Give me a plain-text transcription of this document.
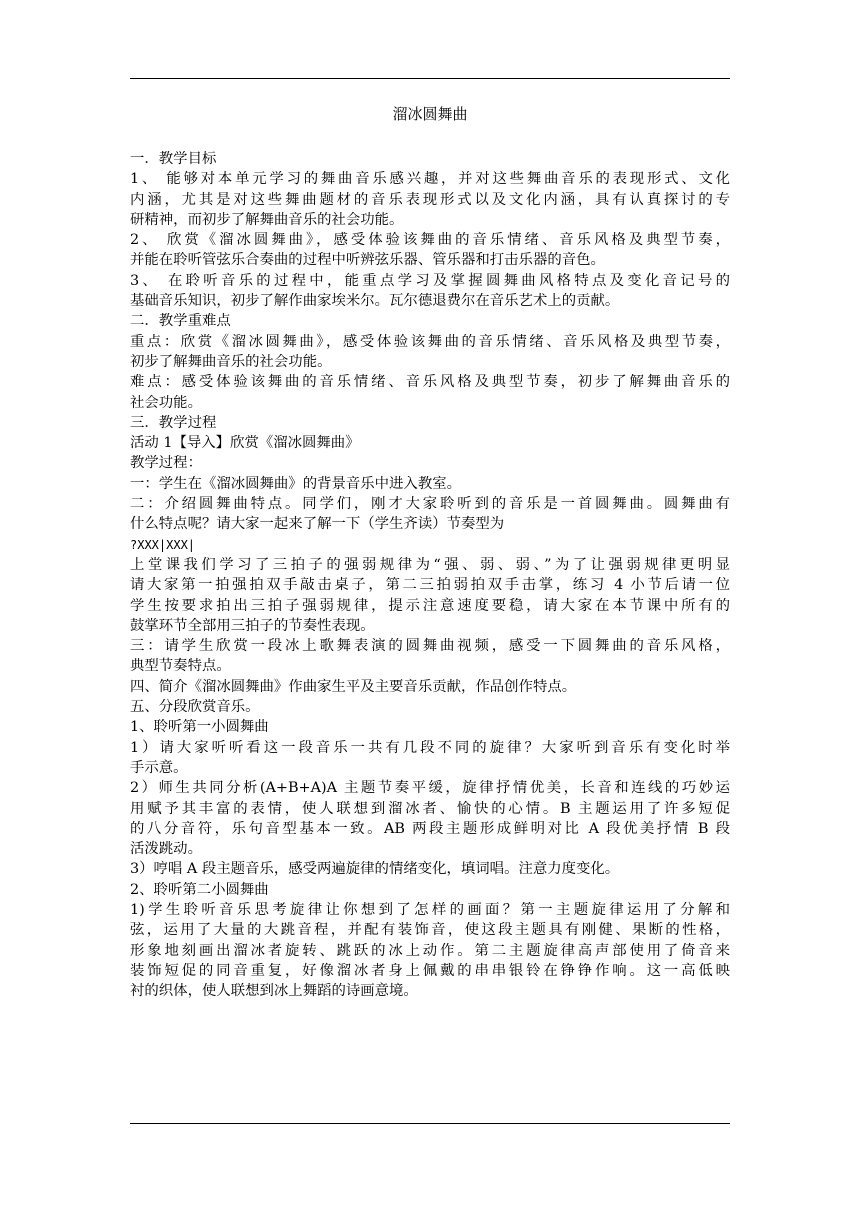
溜冰圆舞曲
一．教学目标
1、 能够对本单元学习的舞曲音乐感兴趣，并对这些舞曲音乐的表现形式、文化
内涵，尤其是对这些舞曲题材的音乐表现形式以及文化内涵，具有认真探讨的专
研精神，而初步了解舞曲音乐的社会功能。
2、 欣赏《溜冰圆舞曲》，感受体验该舞曲的音乐情绪、音乐风格及典型节奏，
并能在聆听管弦乐合奏曲的过程中听辨弦乐器、管乐器和打击乐器的音色。
3、 在聆听音乐的过程中，能重点学习及掌握圆舞曲风格特点及变化音记号的
基础音乐知识，初步了解作曲家埃米尔。瓦尔德退费尔在音乐艺术上的贡献。
二．教学重难点
重点：欣赏《溜冰圆舞曲》，感受体验该舞曲的音乐情绪、音乐风格及典型节奏，
初步了解舞曲音乐的社会功能。
难点：感受体验该舞曲的音乐情绪、音乐风格及典型节奏，初步了解舞曲音乐的
社会功能。
三．教学过程
活动 1【导入】欣赏《溜冰圆舞曲》
教学过程：
一：学生在《溜冰圆舞曲》的背景音乐中进入教室。
二：介绍圆舞曲特点。同学们，刚才大家聆听到的音乐是一首圆舞曲。圆舞曲有
什么特点呢？请大家一起来了解一下（学生齐读）节奏型为
?XXX|XXX|
上堂课我们学习了三拍子的强弱规律为“强、弱、弱、”为了让强弱规律更明显
请大家第一拍强拍双手敲击桌子，第二三拍弱拍双手击掌，练习 4 小节后请一位
学生按要求拍出三拍子强弱规律，提示注意速度要稳，请大家在本节课中所有的
鼓掌环节全部用三拍子的节奏性表现。
三：请学生欣赏一段冰上歌舞表演的圆舞曲视频，感受一下圆舞曲的音乐风格，
典型节奏特点。
四、简介《溜冰圆舞曲》作曲家生平及主要音乐贡献，作品创作特点。
五、分段欣赏音乐。
1、聆听第一小圆舞曲
1）请大家听听看这一段音乐一共有几段不同的旋律？大家听到音乐有变化时举
手示意。
2）师生共同分析(A+B+A)A 主题节奏平缓，旋律抒情优美，长音和连线的巧妙运
用赋予其丰富的表情，使人联想到溜冰者、愉快的心情。B 主题运用了许多短促
的八分音符，乐句音型基本一致。AB 两段主题形成鲜明对比 A 段优美抒情 B 段
活泼跳动。
3）哼唱 A 段主题音乐，感受两遍旋律的情绪变化，填词唱。注意力度变化。
2、聆听第二小圆舞曲
1)学生聆听音乐思考旋律让你想到了怎样的画面？第一主题旋律运用了分解和
弦，运用了大量的大跳音程，并配有装饰音，使这段主题具有刚健、果断的性格，
形象地刻画出溜冰者旋转、跳跃的冰上动作。第二主题旋律高声部使用了倚音来
装饰短促的同音重复，好像溜冰者身上佩戴的串串银铃在铮铮作响。这一高低映
衬的织体，使人联想到冰上舞蹈的诗画意境。
